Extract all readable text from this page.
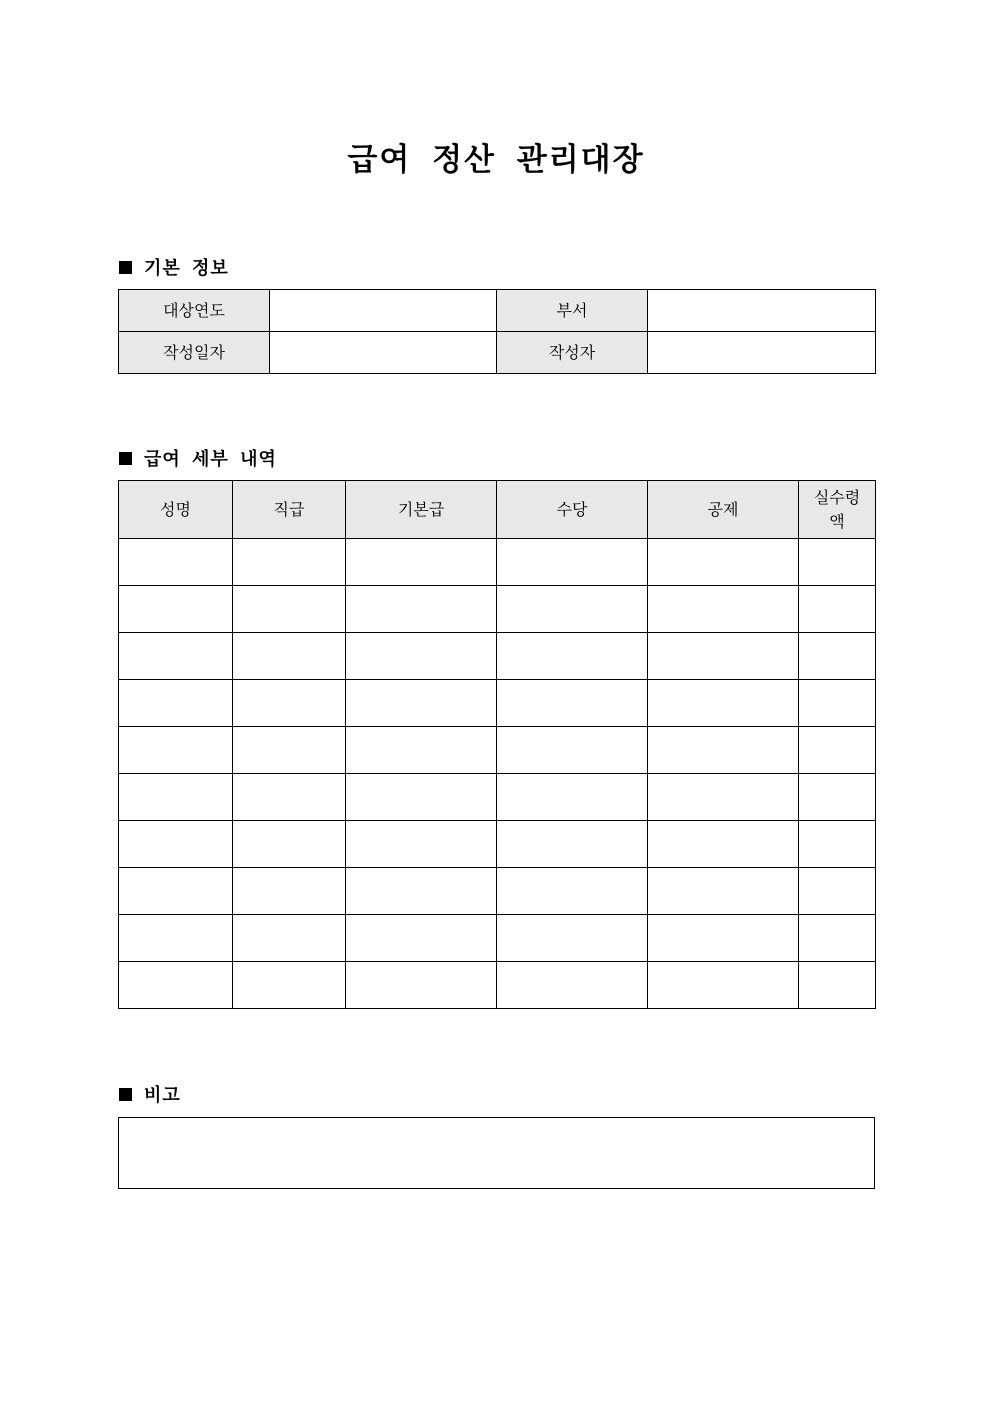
급여 정산 관리대장
기본 정보
대상연도		부서	
작성일자		작성자	
급여 세부 내역
성명	직급	기본급	수당	공제	실수령액

비고
